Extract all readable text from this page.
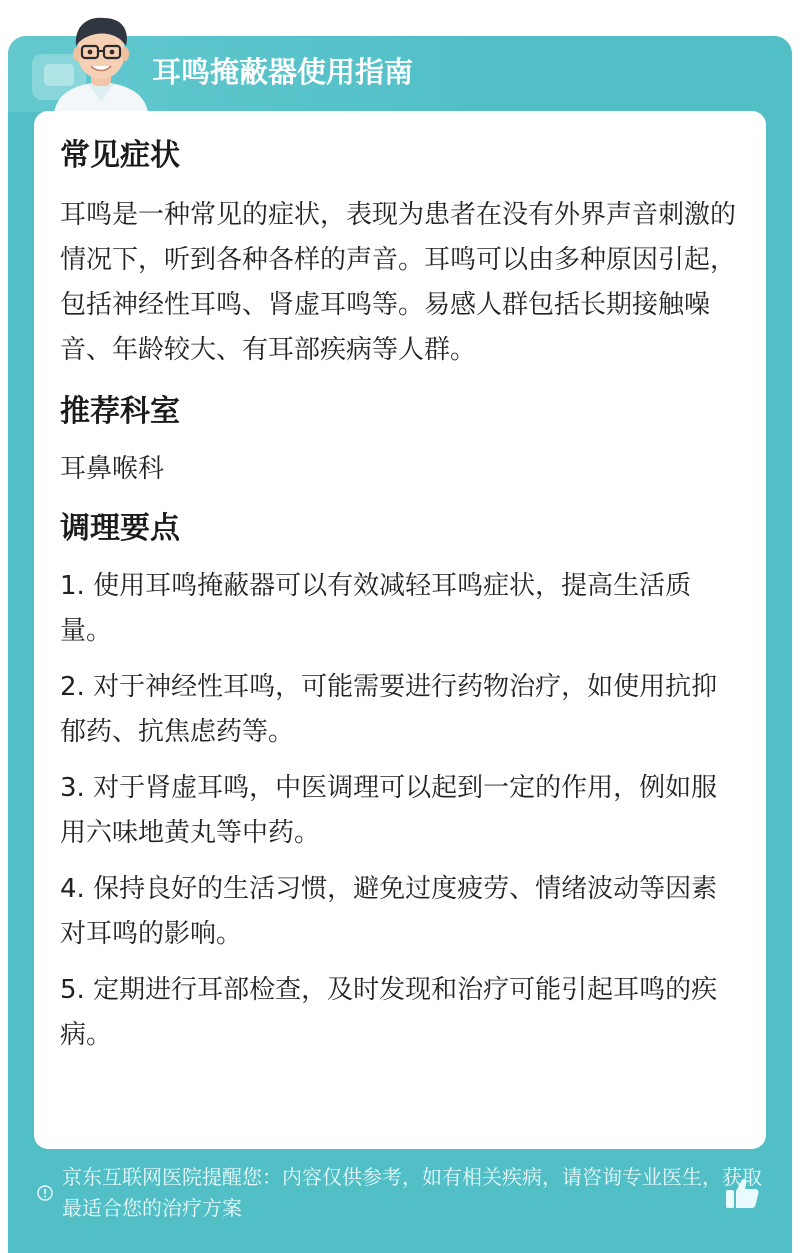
耳鸣掩蔽器使用指南

常见症状

耳鸣是一种常见的症状，表现为患者在没有外界声音刺激的情况下，听到各种各样的声音。耳鸣可以由多种原因引起，包括神经性耳鸣、肾虚耳鸣等。易感人群包括长期接触噪音、年龄较大、有耳部疾病等人群。

推荐科室

耳鼻喉科

调理要点

1. 使用耳鸣掩蔽器可以有效减轻耳鸣症状，提高生活质量。

2. 对于神经性耳鸣，可能需要进行药物治疗，如使用抗抑郁药、抗焦虑药等。

3. 对于肾虚耳鸣，中医调理可以起到一定的作用，例如服用六味地黄丸等中药。

4. 保持良好的生活习惯，避免过度疲劳、情绪波动等因素对耳鸣的影响。

5. 定期进行耳部检查，及时发现和治疗可能引起耳鸣的疾病。

京东互联网医院提醒您：内容仅供参考，如有相关疾病，请咨询专业医生，获取最适合您的治疗方案
